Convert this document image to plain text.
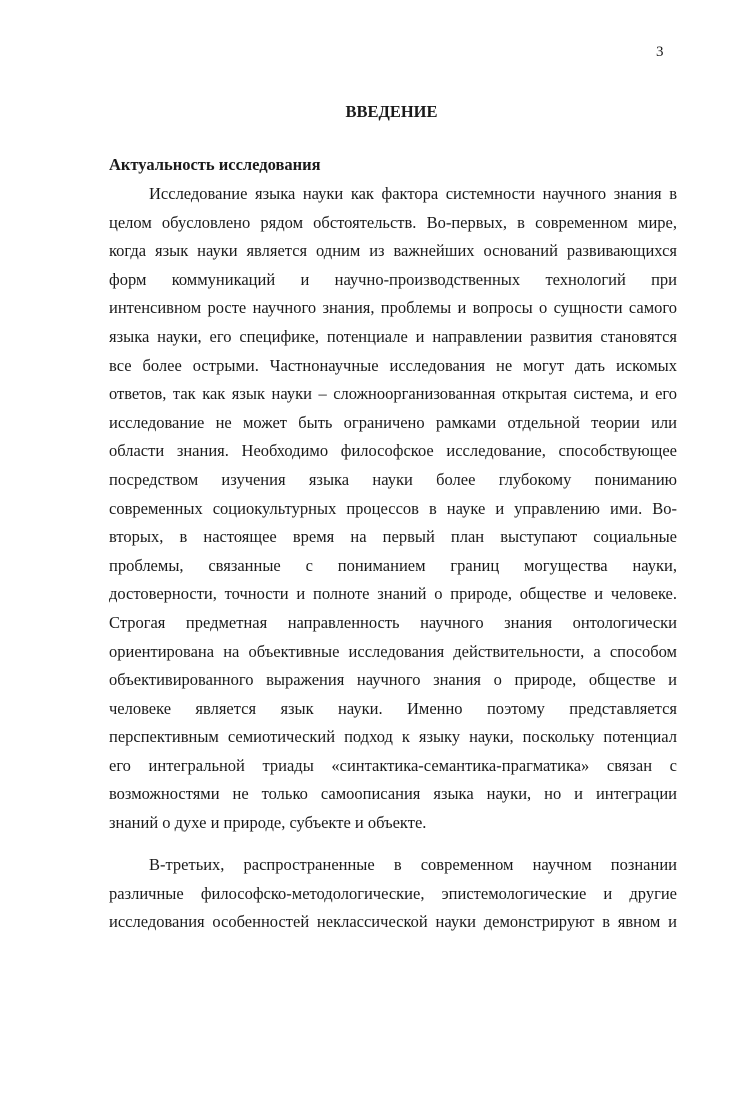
3
ВВЕДЕНИЕ
Актуальность исследования
Исследование языка науки как фактора системности научного знания в
целом обусловлено рядом обстоятельств. Во-первых, в современном мире,
когда язык науки является одним из важнейших оснований развивающихся
форм коммуникаций и научно-производственных технологий при
интенсивном росте научного знания, проблемы и вопросы о сущности самого
языка науки, его специфике, потенциале и направлении развития становятся
все более острыми. Частнонаучные исследования не могут дать искомых
ответов, так как язык науки – сложноорганизованная открытая система, и его
исследование не может быть ограничено рамками отдельной теории или
области знания. Необходимо философское исследование, способствующее
посредством изучения языка науки более глубокому пониманию
современных социокультурных процессов в науке и управлению ими. Во-
вторых, в настоящее время на первый план выступают социальные
проблемы, связанные с пониманием границ могущества науки,
достоверности, точности и полноте знаний о природе, обществе и человеке.
Строгая предметная направленность научного знания онтологически
ориентирована на объективные исследования действительности, а способом
объективированного выражения научного знания о природе, обществе и
человеке является язык науки. Именно поэтому представляется
перспективным семиотический подход к языку науки, поскольку потенциал
его интегральной триады «синтактика-семантика-прагматика» связан с
возможностями не только самоописания языка науки, но и интеграции
знаний о духе и природе, субъекте и объекте.
В-третьих, распространенные в современном научном познании
различные философско-методологические, эпистемологические и другие
исследования особенностей неклассической науки демонстрируют в явном и
